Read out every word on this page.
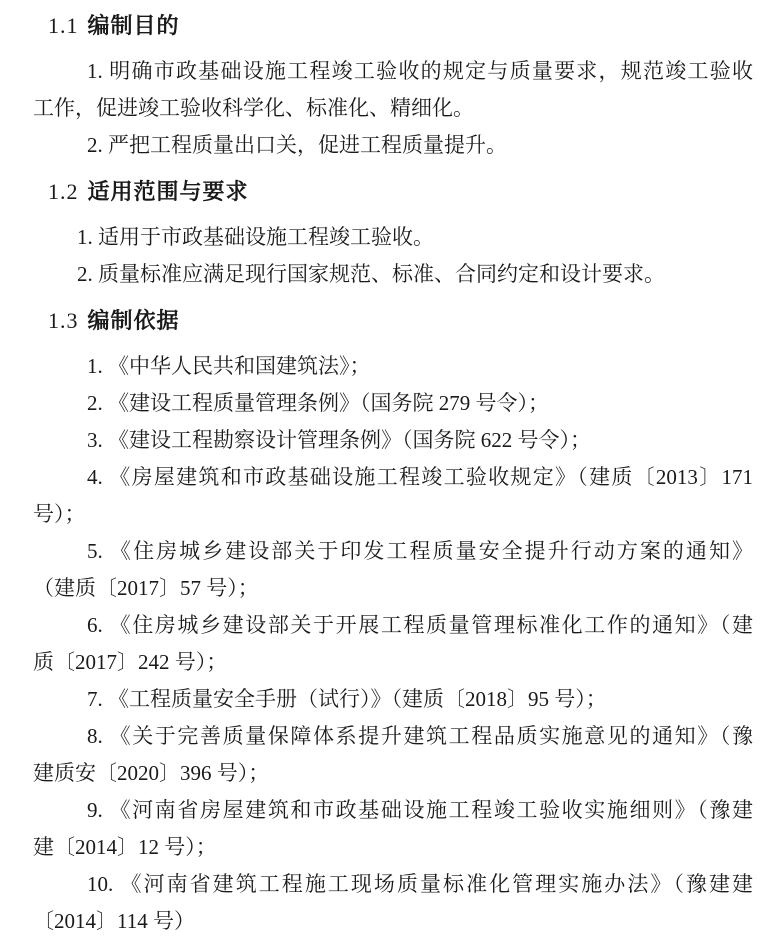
1.1 编制目的

1. 明确市政基础设施工程竣工验收的规定与质量要求，规范竣工验收
工作，促进竣工验收科学化、标准化、精细化。

2. 严把工程质量出口关，促进工程质量提升。

1.2 适用范围与要求

1. 适用于市政基础设施工程竣工验收。

2. 质量标准应满足现行国家规范、标准、合同约定和设计要求。

1.3 编制依据

1. 《中华人民共和国建筑法》；

2. 《建设工程质量管理条例》（国务院 279 号令）；

3. 《建设工程勘察设计管理条例》（国务院 622 号令）；

4. 《房屋建筑和市政基础设施工程竣工验收规定》（建质〔2013〕171
号）；

5. 《住房城乡建设部关于印发工程质量安全提升行动方案的通知》
（建质〔2017〕57 号）；

6. 《住房城乡建设部关于开展工程质量管理标准化工作的通知》（建
质〔2017〕242 号）；

7. 《工程质量安全手册（试行）》（建质〔2018〕95 号）；

8. 《关于完善质量保障体系提升建筑工程品质实施意见的通知》（豫
建质安〔2020〕396 号）；

9. 《河南省房屋建筑和市政基础设施工程竣工验收实施细则》（豫建
建〔2014〕12 号）；

10. 《河南省建筑工程施工现场质量标准化管理实施办法》（豫建建
〔2014〕114 号）
